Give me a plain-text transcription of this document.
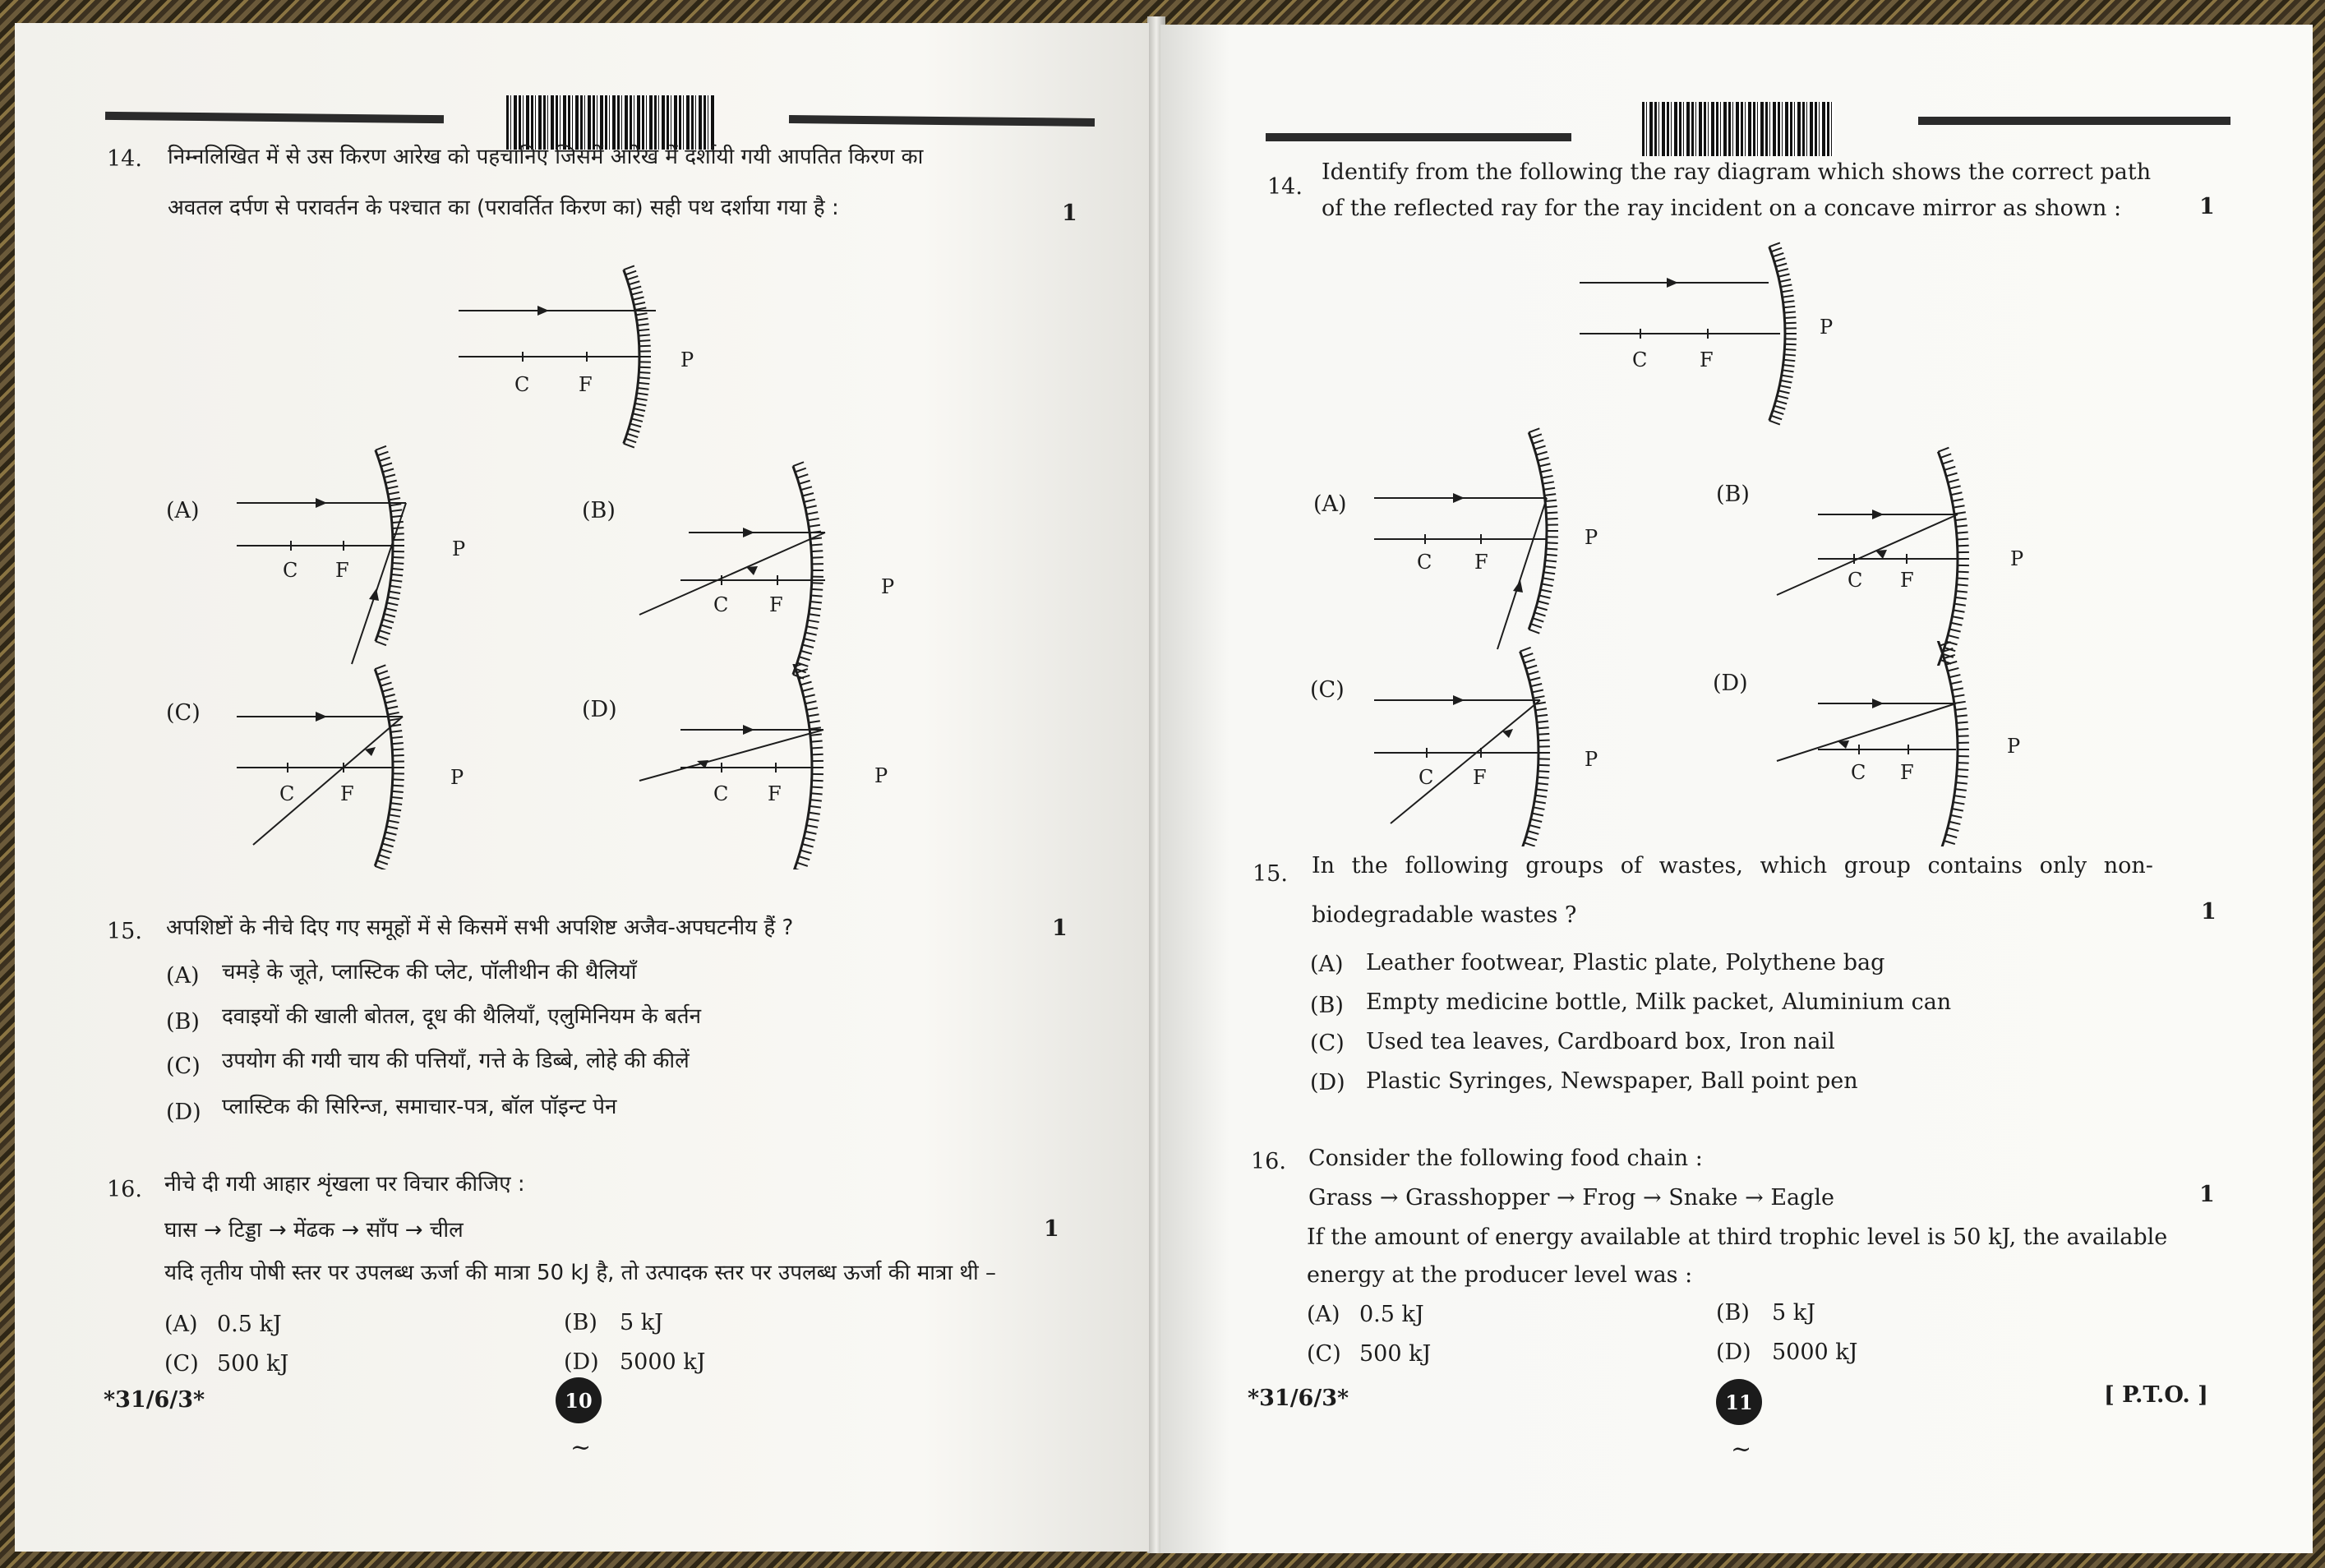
14. निम्नलिखित में से उस किरण आरेख को पहचानिए जिसमें आरेख में दर्शायी गयी आपतित किरण का
अवतल दर्पण से परावर्तन के पश्चात का (परावर्तित किरण का) सही पथ दर्शाया गया है :	1
C F
P
(A)
C F
P
(B)
C F
P
(C)
C F
P
(D)
C F
P
15. अपशिष्टों के नीचे दिए गए समूहों में से किसमें सभी अपशिष्ट अजैव-अपघटनीय हैं ?	1
(A) चमड़े के जूते, प्लास्टिक की प्लेट, पॉलीथीन की थैलियाँ
(B) दवाइयों की खाली बोतल, दूध की थैलियाँ, एलुमिनियम के बर्तन
(C) उपयोग की गयी चाय की पत्तियाँ, गत्ते के डिब्बे, लोहे की कीलें
(D) प्लास्टिक की सिरिन्ज, समाचार-पत्र, बॉल पॉइन्ट पेन
16. नीचे दी गयी आहार शृंखला पर विचार कीजिए :
घास → टिड्डा → मेंढक → साँप → चील	1
यदि तृतीय पोषी स्तर पर उपलब्ध ऊर्जा की मात्रा 50 kJ है, तो उत्पादक स्तर पर उपलब्ध ऊर्जा की मात्रा थी –
(A) 0.5 kJ	(B) 5 kJ
(C) 500 kJ	(D) 5000 kJ
*31/6/3*	10
~
14.
Identify from the following the ray diagram which shows the correct path
of the reflected ray for the ray incident on a concave mirror as shown :	1
C	F
P
(A)
C F
P
(B)
C F
P
(C)
C F
P
(D)
C F
P
15. In the following groups of wastes, which group contains only non-
biodegradable wastes ?	1
(A) Leather footwear, Plastic plate, Polythene bag
(B) Empty medicine bottle, Milk packet, Aluminium can
(C) Used tea leaves, Cardboard box, Iron nail
(D) Plastic Syringes, Newspaper, Ball point pen
16. Consider the following food chain :
Grass → Grasshopper → Frog → Snake → Eagle	1
If the amount of energy available at third trophic level is 50 kJ, the available
energy at the producer level was :
(A) 0.5 kJ	(B) 5 kJ
(C) 500 kJ	(D) 5000 kJ
*31/6/3*	11
~
[ P.T.O. ]
